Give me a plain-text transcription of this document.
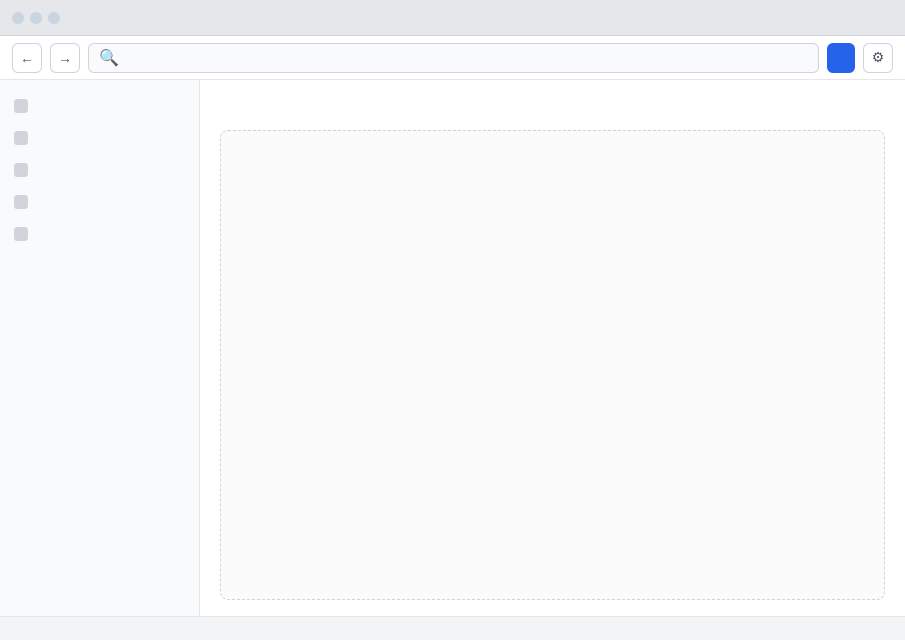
← → 🔍	⚙
